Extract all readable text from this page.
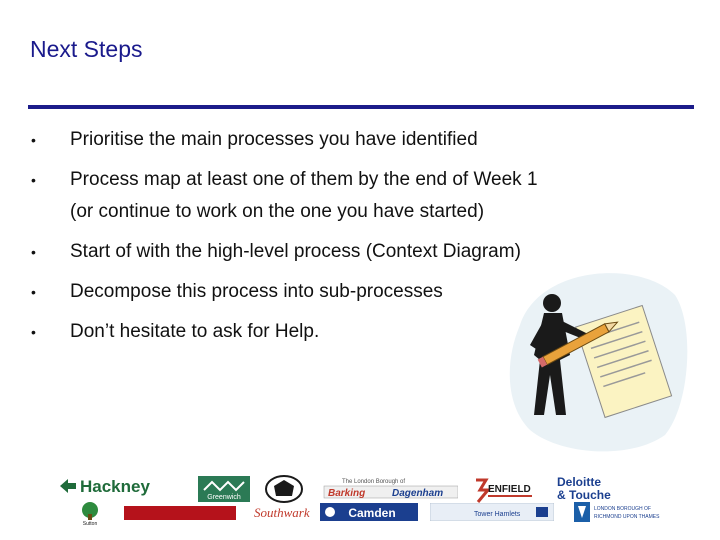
Next Steps
• Prioritise the main processes you have identified
• Process map at least one of them by the end of Week 1
(or continue to work on the one you have started)
• Start of with the high-level process (Context Diagram)
• Decompose this process into sub-processes
• Don’t hesitate to ask for Help.
Hackney
Greenwich
The London Borough of
Barking	Dagenham	ENFIELD
Deloitte
& Touche
Sutton
Southwark	Camden	Tower Hamlets
LONDON BOROUGH OF
RICHMOND UPON THAMES
